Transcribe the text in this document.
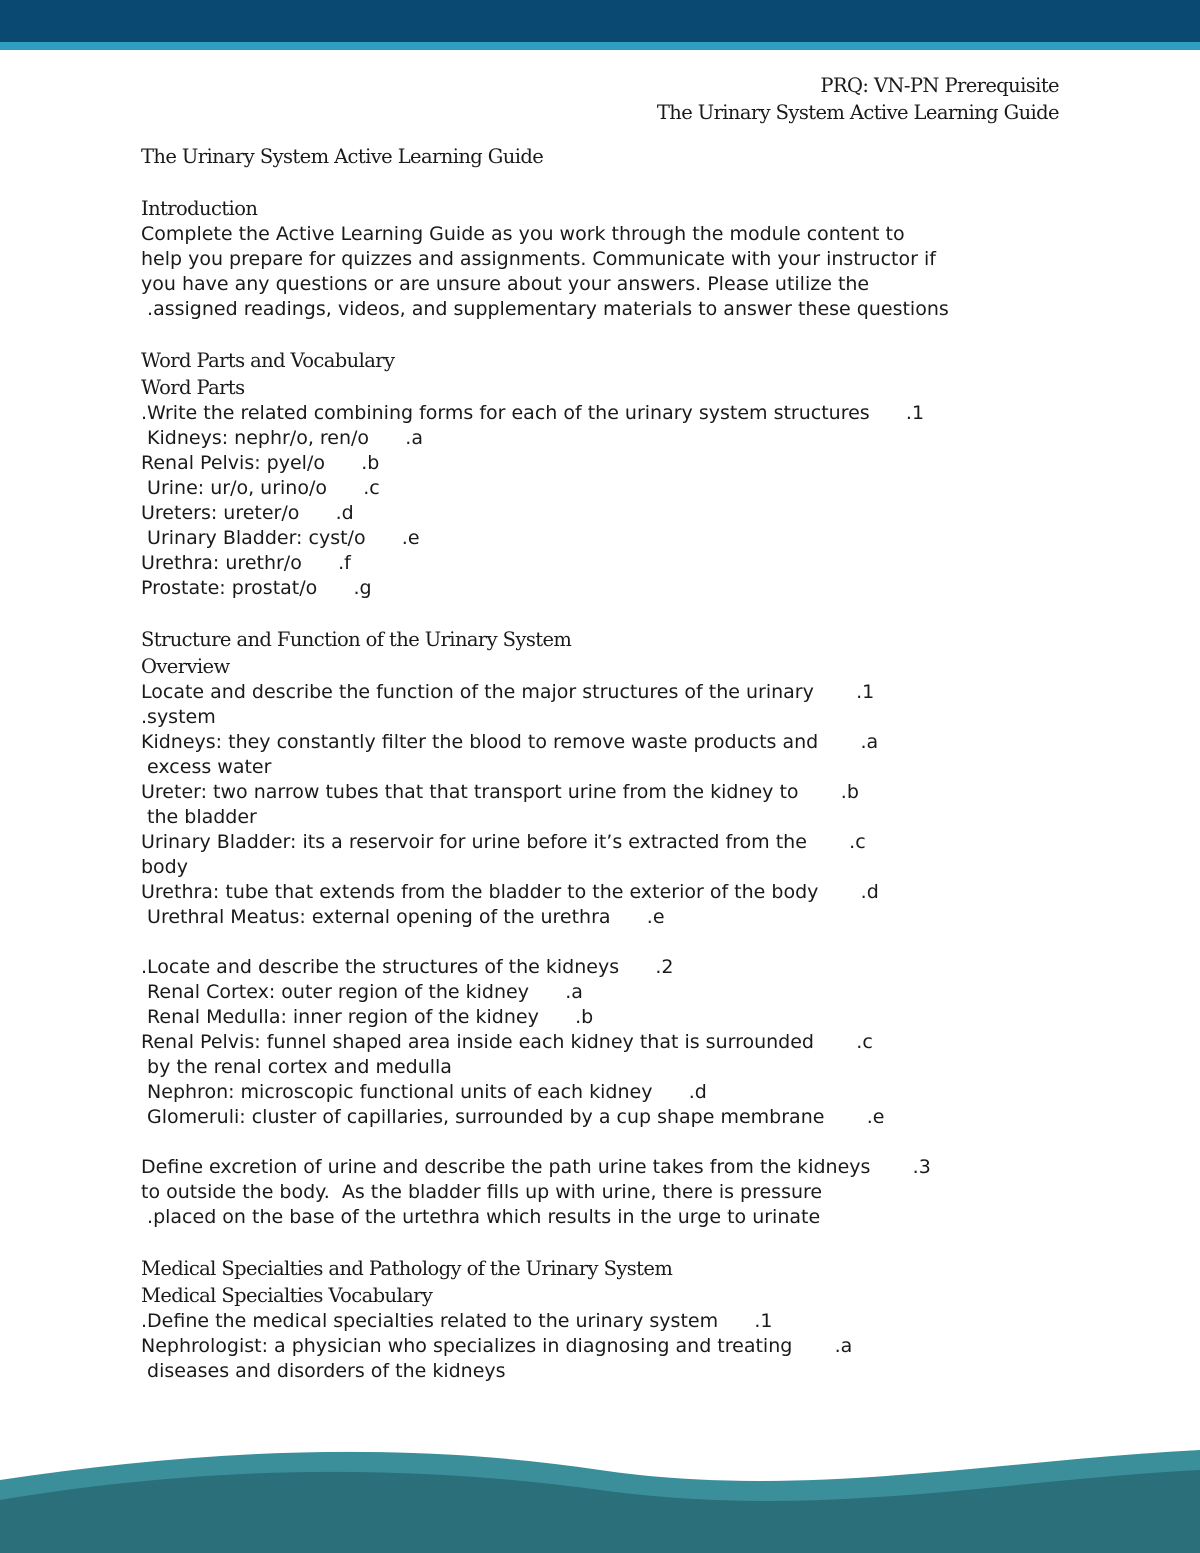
PRQ: VN-PN Prerequisite
The Urinary System Active Learning Guide
The Urinary System Active Learning Guide
Introduction
Complete the Active Learning Guide as you work through the module content to
help you prepare for quizzes and assignments. Communicate with your instructor if
you have any questions or are unsure about your answers. Please utilize the
.assigned readings, videos, and supplementary materials to answer these questions
Word Parts and Vocabulary
Word Parts
.Write the related combining forms for each of the urinary system structures      .1
Kidneys: nephr/o, ren/o      .a
Renal Pelvis: pyel/o      .b
Urine: ur/o, urino/o      .c
Ureters: ureter/o      .d
Urinary Bladder: cyst/o      .e
Urethra: urethr/o      .f
Prostate: prostat/o      .g
Structure and Function of the Urinary System
Overview
Locate and describe the function of the major structures of the urinary       .1
.system
Kidneys: they constantly filter the blood to remove waste products and       .a
excess water
Ureter: two narrow tubes that that transport urine from the kidney to       .b
the bladder
Urinary Bladder: its a reservoir for urine before it’s extracted from the       .c
body
Urethra: tube that extends from the bladder to the exterior of the body       .d
Urethral Meatus: external opening of the urethra      .e
.Locate and describe the structures of the kidneys      .2
Renal Cortex: outer region of the kidney      .a
Renal Medulla: inner region of the kidney      .b
Renal Pelvis: funnel shaped area inside each kidney that is surrounded       .c
by the renal cortex and medulla
Nephron: microscopic functional units of each kidney      .d
Glomeruli: cluster of capillaries, surrounded by a cup shape membrane       .e
Define excretion of urine and describe the path urine takes from the kidneys       .3
to outside the body.  As the bladder fills up with urine, there is pressure
.placed on the base of the urtethra which results in the urge to urinate
Medical Specialties and Pathology of the Urinary System
Medical Specialties Vocabulary
.Define the medical specialties related to the urinary system      .1
Nephrologist: a physician who specializes in diagnosing and treating       .a
diseases and disorders of the kidneys
